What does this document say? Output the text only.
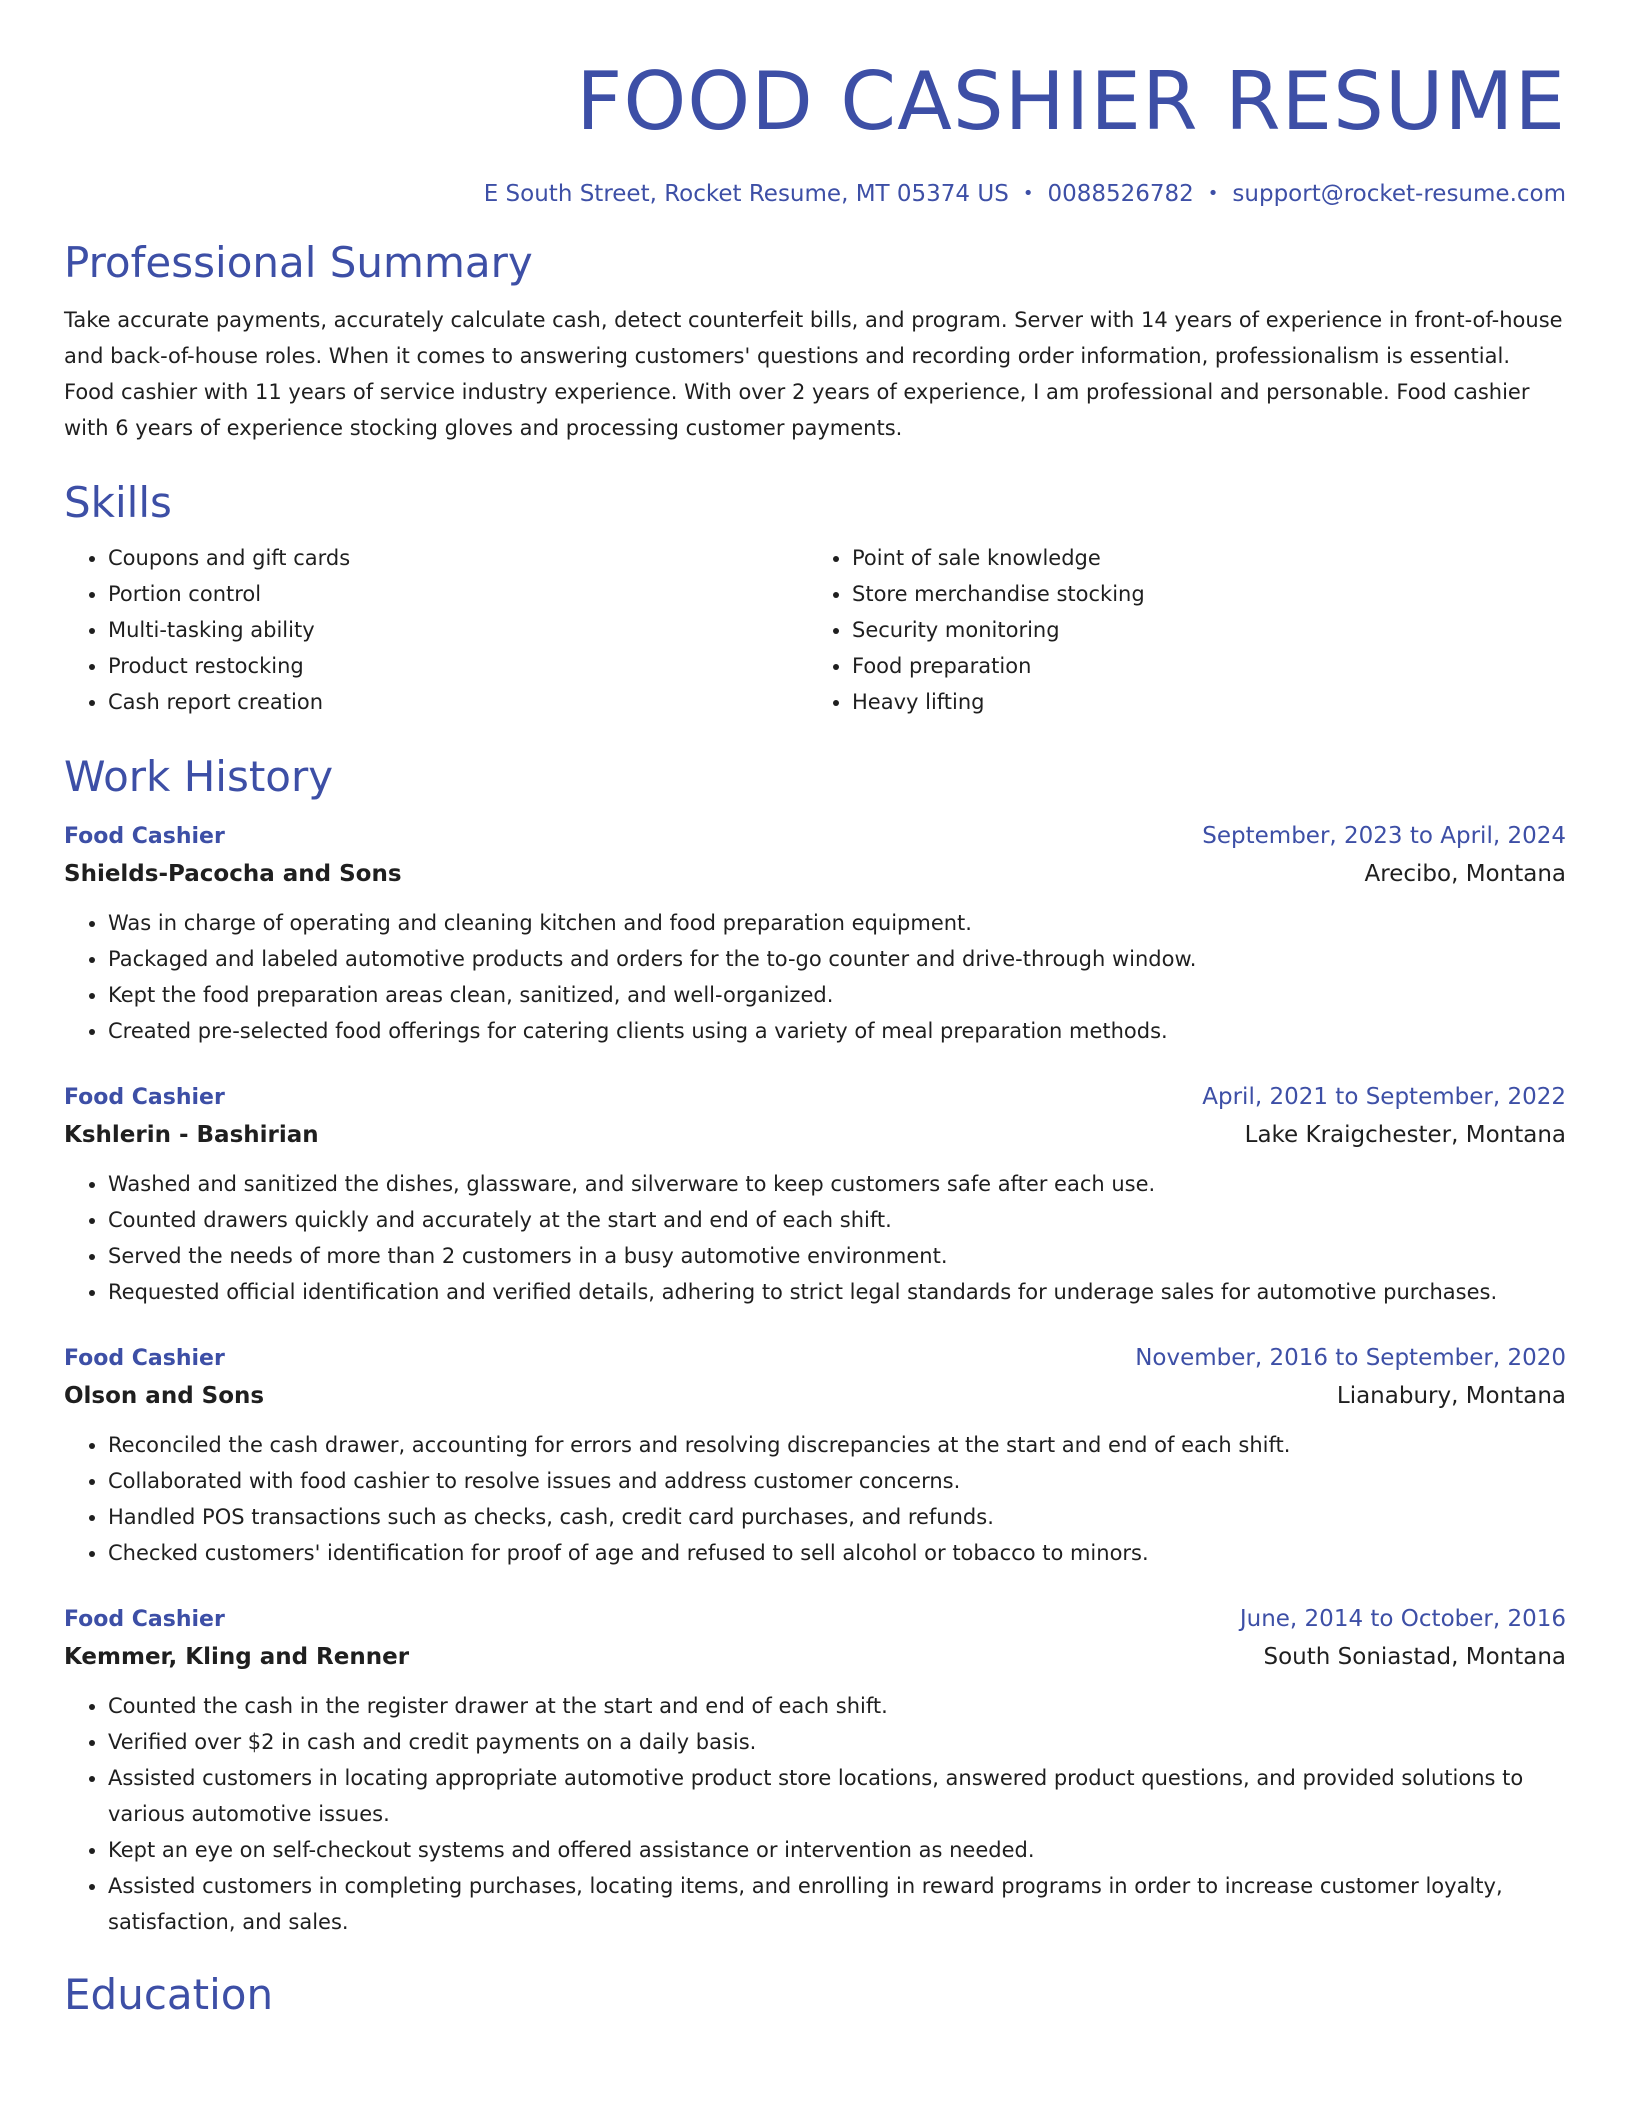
FOOD CASHIER RESUME
E South Street, Rocket Resume, MT 05374 US • 0088526782 • support@rocket-resume.com
Professional Summary

Take accurate payments, accurately calculate cash, detect counterfeit bills, and program. Server with 14 years of experience in front-of-house and back-of-house roles. When it comes to answering customers' questions and recording order information, professionalism is essential. Food cashier with 11 years of service industry experience. With over 2 years of experience, I am professional and personable. Food cashier with 6 years of experience stocking gloves and processing customer payments.

Skills
• Coupons and gift cards
• Portion control
• Multi-tasking ability
• Product restocking
• Cash report creation
• Point of sale knowledge
• Store merchandise stocking
• Security monitoring
• Food preparation
• Heavy lifting
Work History
Food Cashier	September, 2023 to April, 2024
Shields-Pacocha and Sons	Arecibo, Montana
• Was in charge of operating and cleaning kitchen and food preparation equipment.
• Packaged and labeled automotive products and orders for the to-go counter and drive-through window.
• Kept the food preparation areas clean, sanitized, and well-organized.
• Created pre-selected food offerings for catering clients using a variety of meal preparation methods.
Food Cashier	April, 2021 to September, 2022
Kshlerin - Bashirian	Lake Kraigchester, Montana
• Washed and sanitized the dishes, glassware, and silverware to keep customers safe after each use.
• Counted drawers quickly and accurately at the start and end of each shift.
• Served the needs of more than 2 customers in a busy automotive environment.
• Requested official identification and verified details, adhering to strict legal standards for underage sales for automotive purchases.
Food Cashier	November, 2016 to September, 2020
Olson and Sons	Lianabury, Montana
• Reconciled the cash drawer, accounting for errors and resolving discrepancies at the start and end of each shift.
• Collaborated with food cashier to resolve issues and address customer concerns.
• Handled POS transactions such as checks, cash, credit card purchases, and refunds.
• Checked customers' identification for proof of age and refused to sell alcohol or tobacco to minors.
Food Cashier	June, 2014 to October, 2016
Kemmer, Kling and Renner	South Soniastad, Montana
• Counted the cash in the register drawer at the start and end of each shift.
• Verified over $2 in cash and credit payments on a daily basis.
• Assisted customers in locating appropriate automotive product store locations, answered product questions, and provided solutions to various automotive issues.
• Kept an eye on self-checkout systems and offered assistance or intervention as needed.
• Assisted customers in completing purchases, locating items, and enrolling in reward programs in order to increase customer loyalty, satisfaction, and sales.
Education
